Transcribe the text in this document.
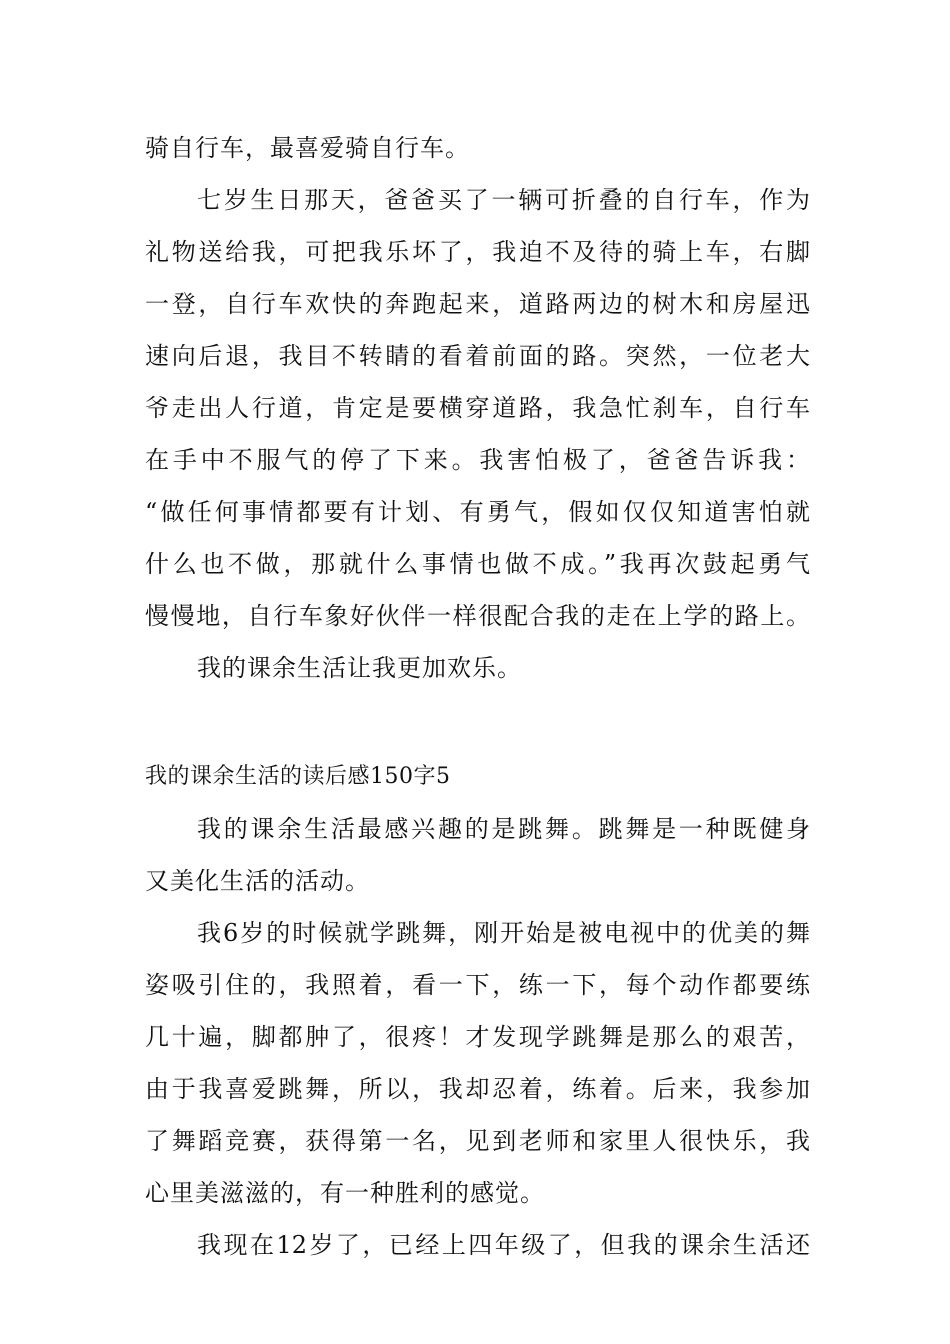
骑自行车，最喜爱骑自行车。
七岁生日那天，爸爸买了一辆可折叠的自行车，作为
礼物送给我，可把我乐坏了，我迫不及待的骑上车，右脚
一登，自行车欢快的奔跑起来，道路两边的树木和房屋迅
速向后退，我目不转睛的看着前面的路。突然，一位老大
爷走出人行道，肯定是要横穿道路，我急忙刹车，自行车
在手中不服气的停了下来。我害怕极了，爸爸告诉我：
“做任何事情都要有计划、有勇气，假如仅仅知道害怕就
什么也不做，那就什么事情也做不成。”我再次鼓起勇气
慢慢地，自行车象好伙伴一样很配合我的走在上学的路上。
我的课余生活让我更加欢乐。
我的课余生活的读后感150字5
我的课余生活最感兴趣的是跳舞。跳舞是一种既健身
又美化生活的活动。
我6岁的时候就学跳舞，刚开始是被电视中的优美的舞
姿吸引住的，我照着，看一下，练一下，每个动作都要练
几十遍，脚都肿了，很疼！才发现学跳舞是那么的艰苦，
由于我喜爱跳舞，所以，我却忍着，练着。后来，我参加
了舞蹈竞赛，获得第一名，见到老师和家里人很快乐，我
心里美滋滋的，有一种胜利的感觉。
我现在12岁了，已经上四年级了，但我的课余生活还
